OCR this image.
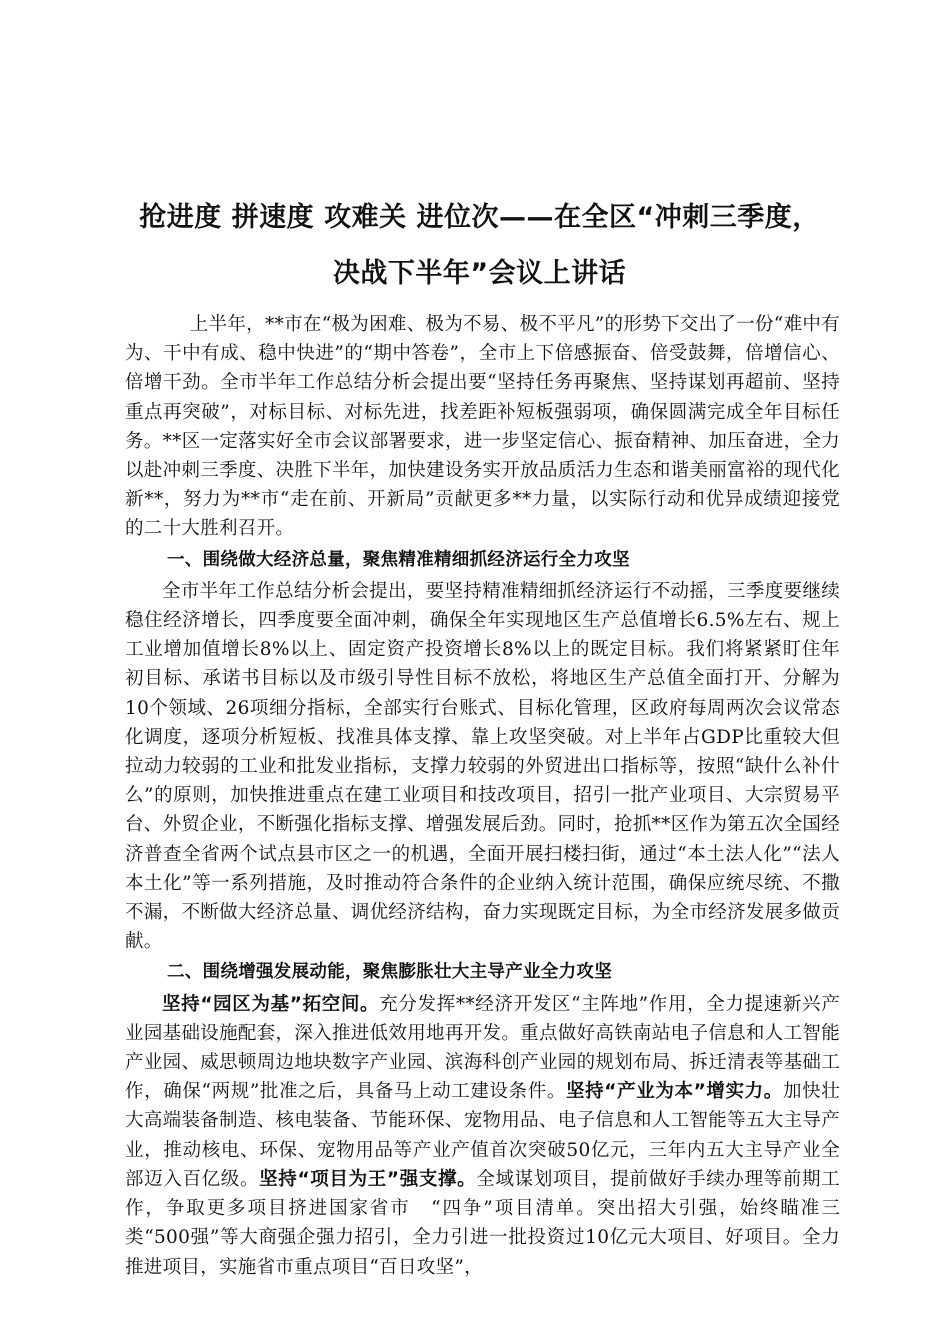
抢进度 拼速度 攻难关 进位次——在全区“冲刺三季度，
决战下半年”会议上讲话

上半年，**市在“极为困难、极为不易、极不平凡”的形势下交出了一份“难中有为、干中有成、稳中快进”的“期中答卷”，全市上下倍感振奋、倍受鼓舞，倍增信心、倍增干劲。全市半年工作总结分析会提出要“坚持任务再聚焦、坚持谋划再超前、坚持重点再突破”，对标目标、对标先进，找差距补短板强弱项，确保圆满完成全年目标任务。**区一定落实好全市会议部署要求，进一步坚定信心、振奋精神、加压奋进，全力以赴冲刺三季度、决胜下半年，加快建设务实开放品质活力生态和谐美丽富裕的现代化新**，努力为**市“走在前、开新局”贡献更多**力量，以实际行动和优异成绩迎接党的二十大胜利召开。

一、围绕做大经济总量，聚焦精准精细抓经济运行全力攻坚

全市半年工作总结分析会提出，要坚持精准精细抓经济运行不动摇，三季度要继续稳住经济增长，四季度要全面冲刺，确保全年实现地区生产总值增长6.5%左右、规上工业增加值增长8%以上、固定资产投资增长8%以上的既定目标。我们将紧紧盯住年初目标、承诺书目标以及市级引导性目标不放松，将地区生产总值全面打开、分解为10个领域、26项细分指标，全部实行台账式、目标化管理，区政府每周两次会议常态化调度，逐项分析短板、找准具体支撑、靠上攻坚突破。对上半年占GDP比重较大但拉动力较弱的工业和批发业指标，支撑力较弱的外贸进出口指标等，按照“缺什么补什么”的原则，加快推进重点在建工业项目和技改项目，招引一批产业项目、大宗贸易平台、外贸企业，不断强化指标支撑、增强发展后劲。同时，抢抓**区作为第五次全国经济普查全省两个试点县市区之一的机遇，全面开展扫楼扫街，通过“本土法人化”“法人本土化”等一系列措施，及时推动符合条件的企业纳入统计范围，确保应统尽统、不撒不漏，不断做大经济总量、调优经济结构，奋力实现既定目标，为全市经济发展多做贡献。

二、围绕增强发展动能，聚焦膨胀壮大主导产业全力攻坚

坚持“园区为基”拓空间。充分发挥**经济开发区“主阵地”作用，全力提速新兴产业园基础设施配套，深入推进低效用地再开发。重点做好高铁南站电子信息和人工智能产业园、威思顿周边地块数字产业园、滨海科创产业园的规划布局、拆迁清表等基础工作，确保“两规”批准之后，具备马上动工建设条件。坚持“产业为本”增实力。加快壮大高端装备制造、核电装备、节能环保、宠物用品、电子信息和人工智能等五大主导产业，推动核电、环保、宠物用品等产业产值首次突破50亿元，三年内五大主导产业全部迈入百亿级。坚持“项目为王”强支撑。全域谋划项目，提前做好手续办理等前期工作，争取更多项目挤进国家省市　“四争”项目清单。突出招大引强，始终瞄准三类“500强”等大商强企强力招引，全力引进一批投资过10亿元大项目、好项目。全力推进项目，实施省市重点项目“百日攻坚”，
